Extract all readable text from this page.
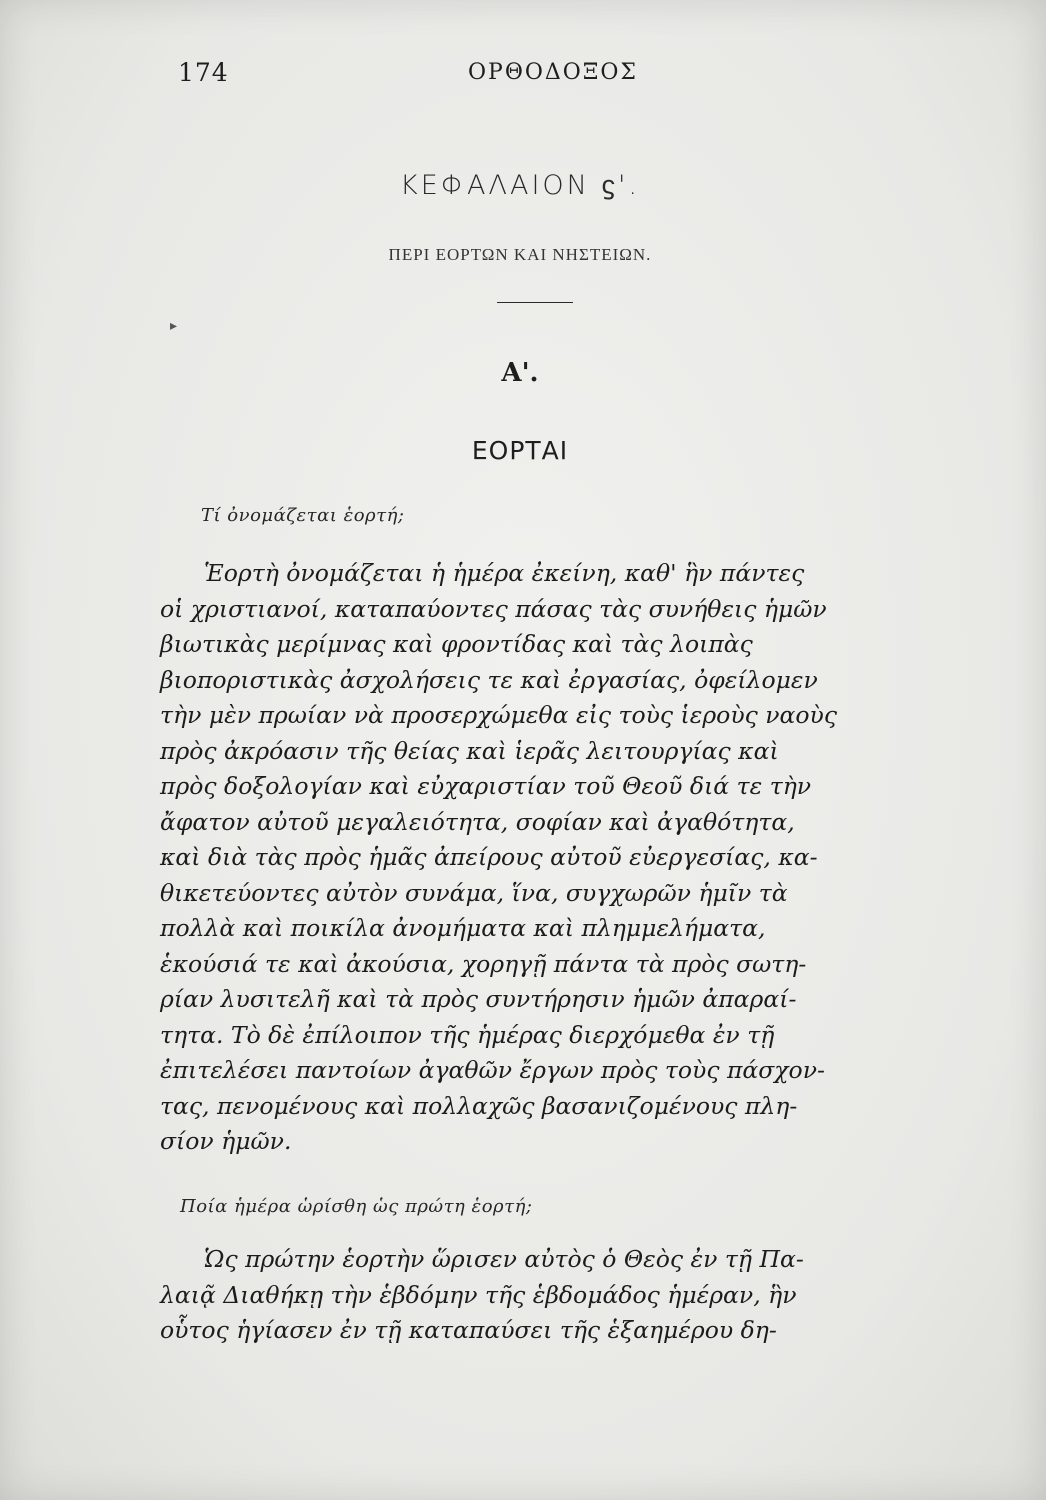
174	ΟΡΘΟΔΟΞΟΣ
ΚΕΦΑΛΑΙΟΝ ϛ'.
ΠΕΡΙ ΕΟΡΤΩΝ ΚΑΙ ΝΗΣΤΕΙΩΝ.
▸
Α'.
ΕΟΡΤΑΙ
Τί ὀνομάζεται ἑορτή;
Ἑορτὴ ὀνομάζεται ἡ ἡμέρα ἐκείνη, καθ' ἣν πάντες
οἱ χριστιανοί, καταπαύοντες πάσας τὰς συνήθεις ἡμῶν
βιωτικὰς μερίμνας καὶ φροντίδας καὶ τὰς λοιπὰς
βιοποριστικὰς ἀσχολήσεις τε καὶ ἐργασίας, ὀφείλομεν
τὴν μὲν πρωίαν νὰ προσερχώμεθα εἰς τοὺς ἱεροὺς ναοὺς
πρὸς ἀκρόασιν τῆς θείας καὶ ἱερᾶς λειτουργίας καὶ
πρὸς δοξολογίαν καὶ εὐχαριστίαν τοῦ Θεοῦ διά τε τὴν
ἄφατον αὐτοῦ μεγαλειότητα, σοφίαν καὶ ἀγαθότητα,
καὶ διὰ τὰς πρὸς ἡμᾶς ἀπείρους αὐτοῦ εὐεργεσίας, κα-
θικετεύοντες αὐτὸν συνάμα, ἵνα, συγχωρῶν ἡμῖν τὰ
πολλὰ καὶ ποικίλα ἀνομήματα καὶ πλημμελήματα,
ἑκούσιά τε καὶ ἀκούσια, χορηγῇ πάντα τὰ πρὸς σωτη-
ρίαν λυσιτελῆ καὶ τὰ πρὸς συντήρησιν ἡμῶν ἀπαραί-
τητα. Τὸ δὲ ἐπίλοιπον τῆς ἡμέρας διερχόμεθα ἐν τῇ
ἐπιτελέσει παντοίων ἀγαθῶν ἔργων πρὸς τοὺς πάσχον-
τας, πενομένους καὶ πολλαχῶς βασανιζομένους πλη-
σίον ἡμῶν.
Ποία ἡμέρα ὡρίσθη ὡς πρώτη ἑορτή;
Ὡς πρώτην ἑορτὴν ὥρισεν αὐτὸς ὁ Θεὸς ἐν τῇ Πα-
λαιᾷ Διαθήκῃ τὴν ἑβδόμην τῆς ἑβδομάδος ἡμέραν, ἣν
οὗτος ἡγίασεν ἐν τῇ καταπαύσει τῆς ἑξαημέρου δη-
